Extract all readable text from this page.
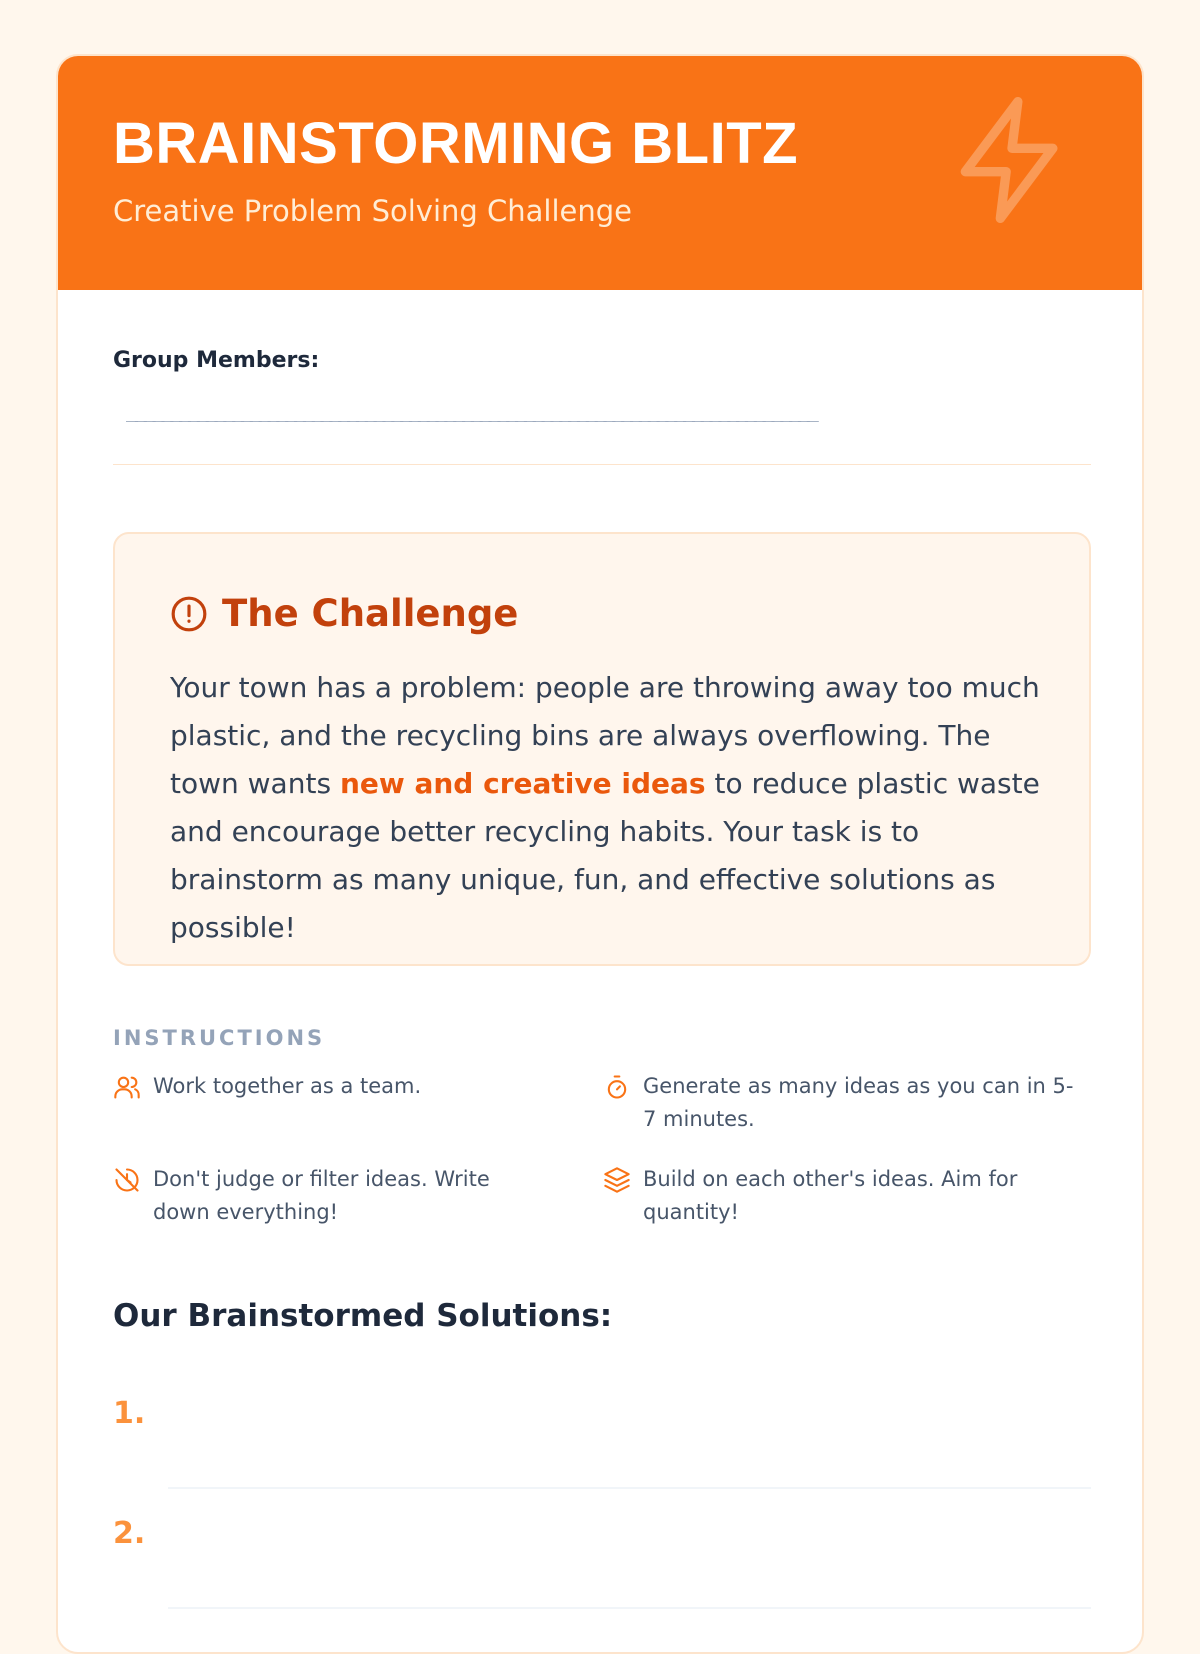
BRAINSTORMING BLITZ
Creative Problem Solving Challenge
Group Members:
______________________________________________________________________________
The Challenge
Your town has a problem: people are throwing away too much plastic, and the recycling bins are always overflowing. The town wants new and creative ideas to reduce plastic waste and encourage better recycling habits. Your task is to brainstorm as many unique, fun, and effective solutions as possible!
INSTRUCTIONS
Work together as a team.	Generate as many ideas as you can in 5-7 minutes.
Don't judge or filter ideas. Write down everything!
Build on each other's ideas. Aim for quantity!
Our Brainstormed Solutions:
1.
2.
